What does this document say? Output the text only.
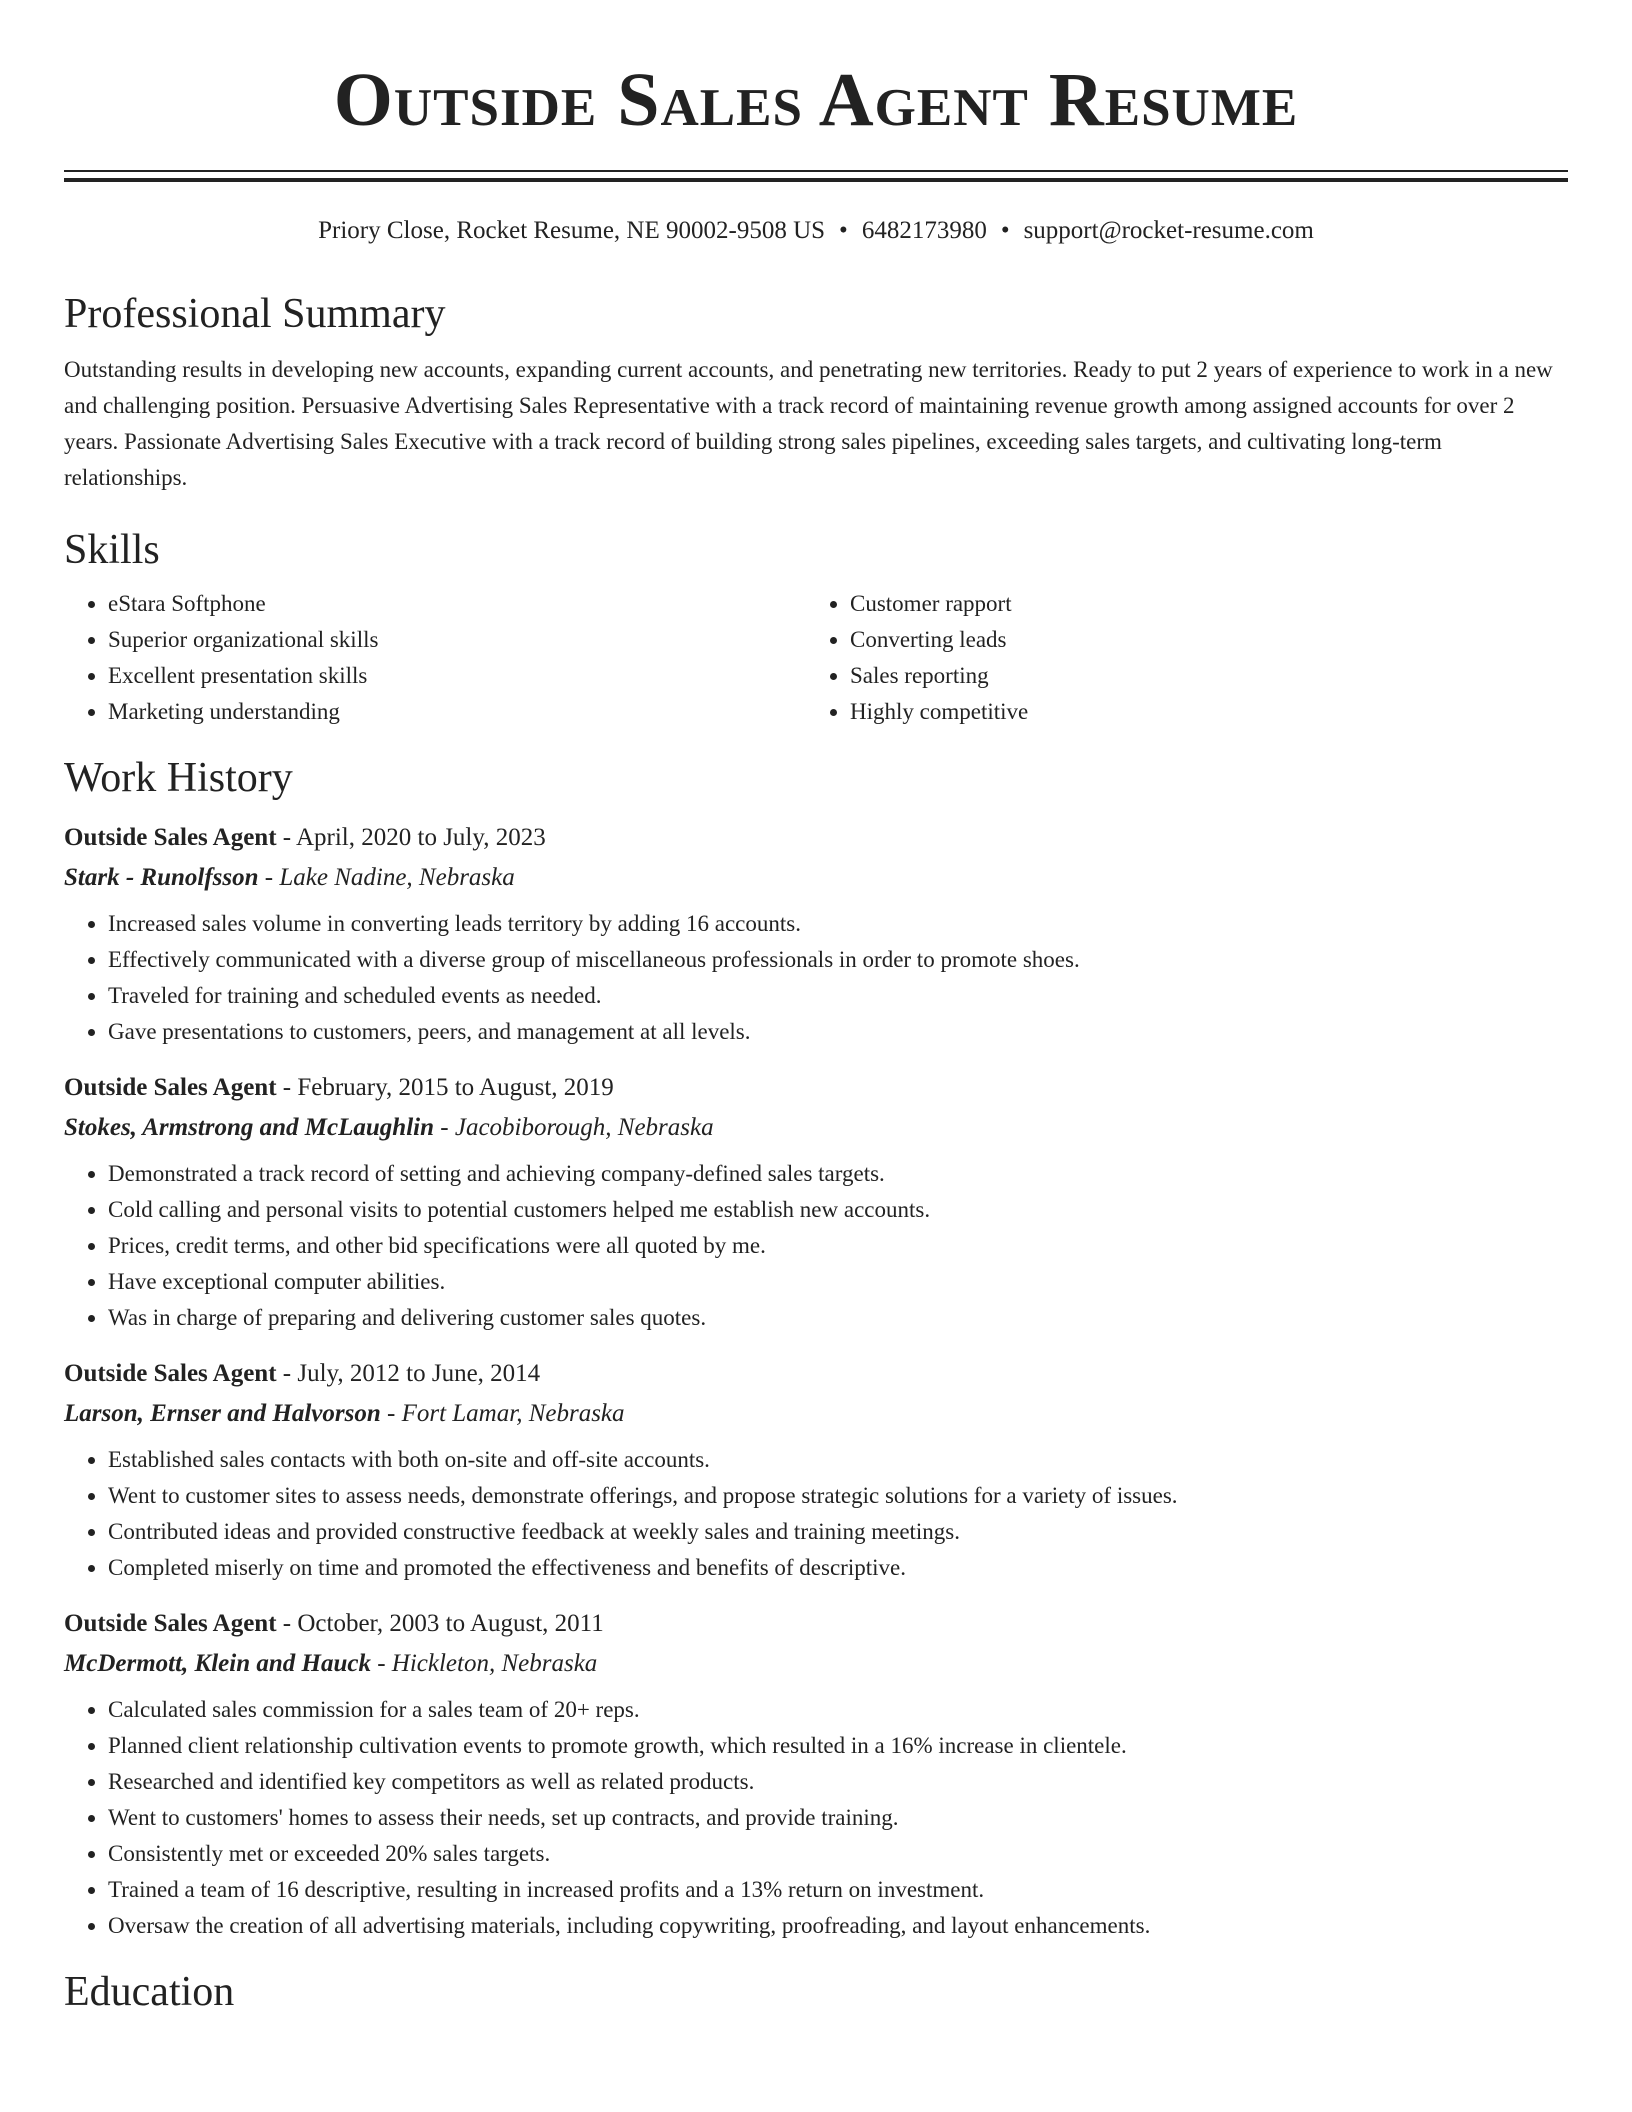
Outside Sales Agent Resume
Priory Close, Rocket Resume, NE 90002-9508 US • 6482173980 • support@rocket-resume.com
Professional Summary

Outstanding results in developing new accounts, expanding current accounts, and penetrating new territories. Ready to put 2 years of experience to work in a new and challenging position. Persuasive Advertising Sales Representative with a track record of maintaining revenue growth among assigned accounts for over 2 years. Passionate Advertising Sales Executive with a track record of building strong sales pipelines, exceeding sales targets, and cultivating long-term relationships.

Skills
• eStara Softphone
• Superior organizational skills
• Excellent presentation skills
• Marketing understanding
• Customer rapport
• Converting leads
• Sales reporting
• Highly competitive
Work History
Outside Sales Agent - April, 2020 to July, 2023
Stark - Runolfsson - Lake Nadine, Nebraska
• Increased sales volume in converting leads territory by adding 16 accounts.
• Effectively communicated with a diverse group of miscellaneous professionals in order to promote shoes.
• Traveled for training and scheduled events as needed.
• Gave presentations to customers, peers, and management at all levels.
Outside Sales Agent - February, 2015 to August, 2019
Stokes, Armstrong and McLaughlin - Jacobiborough, Nebraska
• Demonstrated a track record of setting and achieving company-defined sales targets.
• Cold calling and personal visits to potential customers helped me establish new accounts.
• Prices, credit terms, and other bid specifications were all quoted by me.
• Have exceptional computer abilities.
• Was in charge of preparing and delivering customer sales quotes.
Outside Sales Agent - July, 2012 to June, 2014
Larson, Ernser and Halvorson - Fort Lamar, Nebraska
• Established sales contacts with both on-site and off-site accounts.
• Went to customer sites to assess needs, demonstrate offerings, and propose strategic solutions for a variety of issues.
• Contributed ideas and provided constructive feedback at weekly sales and training meetings.
• Completed miserly on time and promoted the effectiveness and benefits of descriptive.
Outside Sales Agent - October, 2003 to August, 2011
McDermott, Klein and Hauck - Hickleton, Nebraska
• Calculated sales commission for a sales team of 20+ reps.
• Planned client relationship cultivation events to promote growth, which resulted in a 16% increase in clientele.
• Researched and identified key competitors as well as related products.
• Went to customers' homes to assess their needs, set up contracts, and provide training.
• Consistently met or exceeded 20% sales targets.
• Trained a team of 16 descriptive, resulting in increased profits and a 13% return on investment.
• Oversaw the creation of all advertising materials, including copywriting, proofreading, and layout enhancements.
Education
